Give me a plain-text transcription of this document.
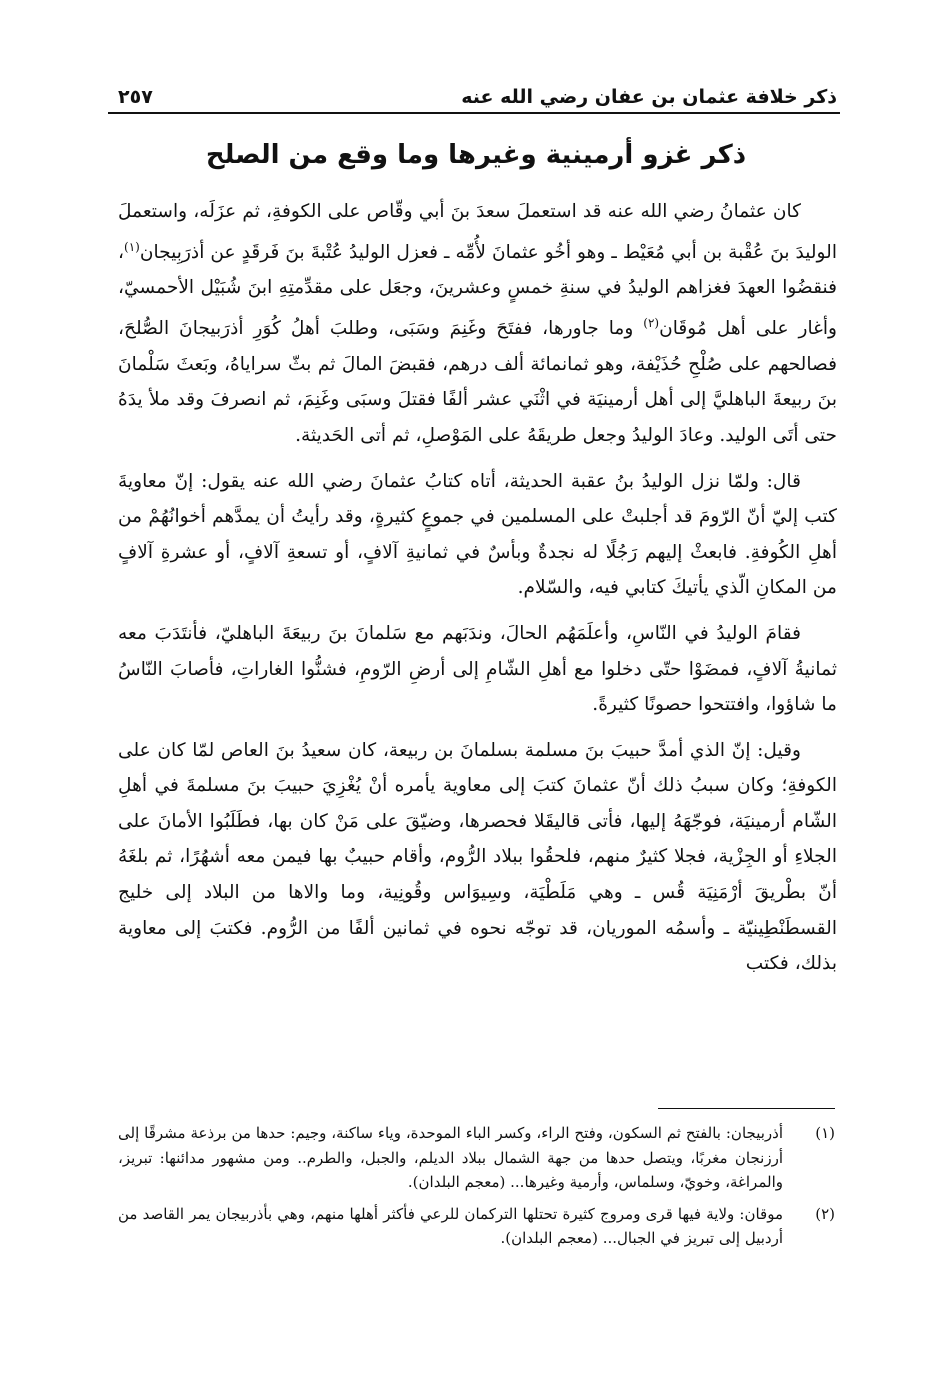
ذكر خلافة عثمان بن عفان رضي الله عنه
٢٥٧
ذكر غزو أرمينية وغيرها وما وقع من الصلح

كان عثمانُ رضي الله عنه قد استعملَ سعدَ بنَ أبي وقّاص على الكوفةِ، ثم عزَلَه، واستعملَ الوليدَ بنَ عُقْبة بن أبي مُعَيْط ـ وهو أخُو عثمانَ لأُمِّه ـ فعزل الوليدُ عُتْبةَ بنَ فَرقَدٍ عن أذرَبِيجان$^{(١)}$، فنقضُوا العهدَ فغزاهم الوليدُ في سنةِ خمسٍ وعشرينَ، وجعَل على مقدِّمتِهِ ابنَ شُبَيْل الأحمسيّ، وأغار على أهل مُوقَان$^{(٢)}$ وما جاورها، ففتَحَ وغَنِمَ وسَبَى، وطلبَ أهلُ كُوَرِ أذرَبيجانَ الصُّلحَ، فصالحهم على صُلْحِ حُذَيْفة، وهو ثمانمائة ألف درهم، فقبضَ المالَ ثم بثّ سراياهُ، وبَعثَ سَلْمانَ بنَ ربيعةَ الباهليَّ إلى أهل أرمينيَة في اثْنَي عشر ألفًا فقتلَ وسبَى وغَنِمَ، ثم انصرفَ وقد ملأ يدَهُ حتى أتَى الوليد. وعادَ الوليدُ وجعل طريقَهُ على المَوْصلِ، ثم أتى الحَديثة.

قال: ولمّا نزل الوليدُ بنُ عقبة الحديثة، أتاه كتابُ عثمانَ رضي الله عنه يقول: إنّ معاويةَ كتب إليّ أنّ الرّومَ قد أجلبتْ على المسلمين في جموعٍ كثيرةٍ، وقد رأيتُ أن يمدَّهم أخوانُهُمْ من أهلِ الكُوفةِ. فابعثْ إليهم رَجُلًا له نجدةٌ وبأسٌ في ثمانيةِ آلافٍ، أو تسعةِ آلافٍ، أو عشرةِ آلافٍ من المكانِ الّذي يأتيكَ كتابي فيه، والسّلام.

فقامَ الوليدُ في النّاسِ، وأعلَمَهُم الحالَ، وندَبَهم مع سَلمانَ بنَ ربيعَةَ الباهليّ، فأنتَدَبَ معه ثمانيةُ آلافٍ، فمضَوْا حتّى دخلوا مع أهلِ الشّامِ إلى أرضِ الرّومِ، فشنُّوا الغاراتِ، فأصابَ النّاسُ ما شاؤوا، وافتتحوا حصونًا كثيرةً.

وقيل: إنّ الذي أمدَّ حبيبَ بنَ مسلمة بسلمانَ بن ربيعة، كان سعيدُ بنَ العاص لمّا كان على الكوفةِ؛ وكان سببُ ذلك أنّ عثمانَ كتبَ إلى معاوية يأمره أنْ يُغْزِيَ حبيبَ بنَ مسلمةَ في أهلِ الشّام أرمينيَة، فوجّهَهُ إليها، فأتى قاليقَلا فحصرها، وضيّقَ على مَنْ كان بها، فطَلَبُوا الأمانَ على الجلاءِ أو الجِزْية، فجلا كثيرٌ منهم، فلحقُوا ببلاد الرُّوم، وأقام حبيبٌ بها فيمن معه أشهُرًا، ثم بلغَهُ أنّ بطْريقَ أرْمَنِيَة قُس ـ وهي مَلَطْيَة، وسِيوَاس وقُونِية، وما والاها من البلاد إلى خليج القسطَنْطِينيّة ـ وأسمُه الموريان، قد توجّه نحوه في ثمانين ألفًا من الرُّوم. فكتبَ إلى معاوية بذلك، فكتب

(١)
أذربيجان: بالفتح ثم السكون، وفتح الراء، وكسر الباء الموحدة، وياء ساكنة، وجيم: حدها من برذعة مشرقًا إلى أرزنجان مغربًا، ويتصل حدها من جهة الشمال ببلاد الديلم، والجبل، والطرم.. ومن مشهور مدائنها: تبريز، والمراغة، وخويّ، وسلماس، وأرمية وغيرها... (معجم البلدان).
(٢)
موقان: ولاية فيها قرى ومروج كثيرة تحتلها التركمان للرعي فأكثر أهلها منهم، وهي بأذربيجان يمر القاصد من أردبيل إلى تبريز في الجبال... (معجم البلدان).
